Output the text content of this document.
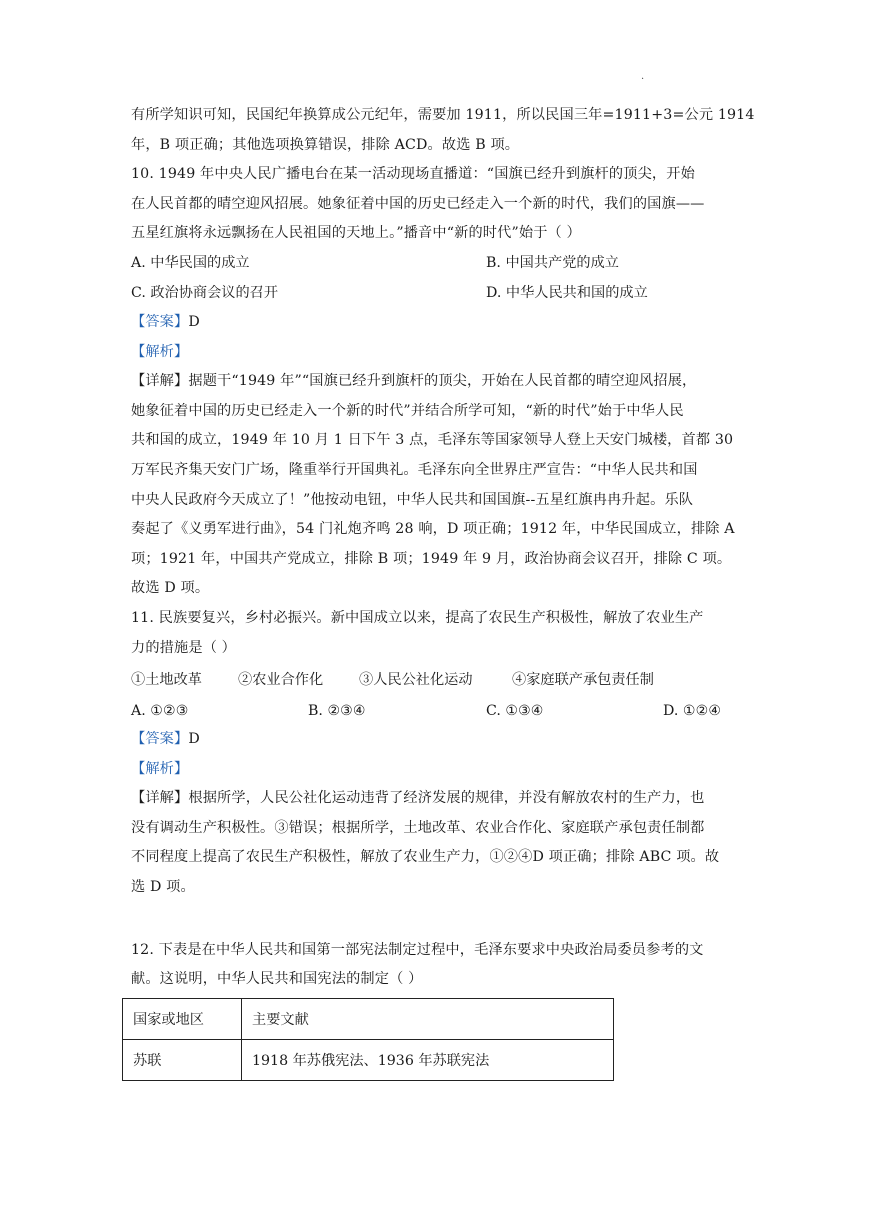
·
有所学知识可知，民国纪年换算成公元纪年，需要加 1911，所以民国三年=1911+3=公元 1914
年，B 项正确；其他选项换算错误，排除 ACD。故选 B 项。
10. 1949 年中央人民广播电台在某一活动现场直播道：“国旗已经升到旗杆的顶尖，开始
在人民首都的晴空迎风招展。她象征着中国的历史已经走入一个新的时代，我们的国旗——
五星红旗将永远飘扬在人民祖国的天地上。”播音中“新的时代”始于（ ）
A. 中华民国的成立	B. 中国共产党的成立
C. 政治协商会议的召开	D. 中华人民共和国的成立
【答案】D
【解析】
【详解】据题干“1949 年”“国旗已经升到旗杆的顶尖，开始在人民首都的晴空迎风招展，
她象征着中国的历史已经走入一个新的时代”并结合所学可知，“新的时代”始于中华人民
共和国的成立，1949 年 10 月 1 日下午 3 点，毛泽东等国家领导人登上天安门城楼，首都 30
万军民齐集天安门广场，隆重举行开国典礼。毛泽东向全世界庄严宣告：“中华人民共和国
中央人民政府今天成立了！”他按动电钮，中华人民共和国国旗--五星红旗冉冉升起。乐队
奏起了《义勇军进行曲》，54 门礼炮齐鸣 28 响，D 项正确；1912 年，中华民国成立，排除 A
项；1921 年，中国共产党成立，排除 B 项；1949 年 9 月，政治协商会议召开，排除 C 项。
故选 D 项。
11. 民族要复兴，乡村必振兴。新中国成立以来，提高了农民生产积极性，解放了农业生产
力的措施是（ ）
①土地改革	②农业合作化	③人民公社化运动	④家庭联产承包责任制
A. ①②③	B. ②③④	C. ①③④	D. ①②④
【答案】D
【解析】
【详解】根据所学，人民公社化运动违背了经济发展的规律，并没有解放农村的生产力，也
没有调动生产积极性。③错误；根据所学，土地改革、农业合作化、家庭联产承包责任制都
不同程度上提高了农民生产积极性，解放了农业生产力，①②④D 项正确；排除 ABC 项。故
选 D 项。
12. 下表是在中华人民共和国第一部宪法制定过程中，毛泽东要求中央政治局委员参考的文
献。这说明，中华人民共和国宪法的制定（ ）
国家或地区	主要文献
苏联	1918 年苏俄宪法、1936 年苏联宪法
